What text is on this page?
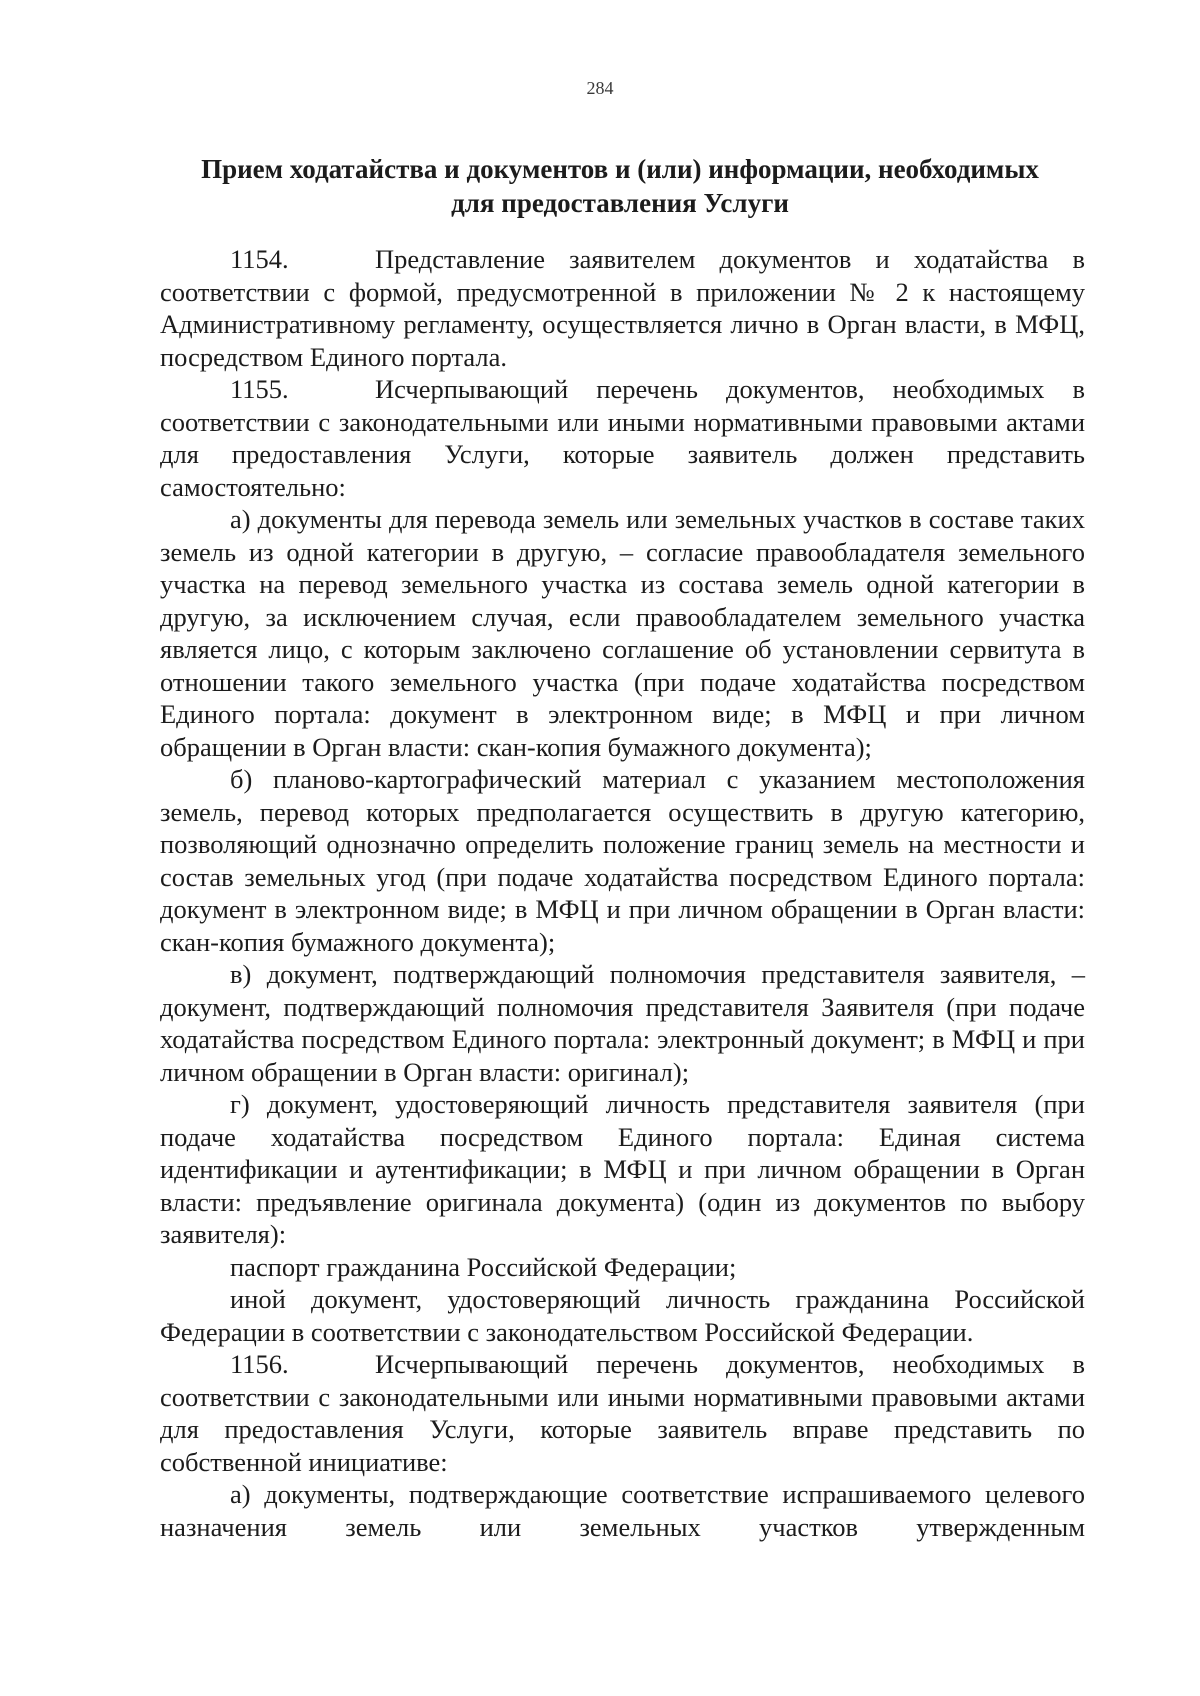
284
Прием ходатайства и документов и (или) информации, необходимых
для предоставления Услуги

1154.	Представление заявителем документов и ходатайства в соответствии с формой, предусмотренной в приложении № 2 к настоящему Административному регламенту, осуществляется лично в Орган власти, в МФЦ, посредством Единого портала.

1155.	Исчерпывающий перечень документов, необходимых в соответствии с законодательными или иными нормативными правовыми актами для предоставления Услуги, которые заявитель должен представить самостоятельно:

а) документы для перевода земель или земельных участков в составе таких земель из одной категории в другую, – согласие правообладателя земельного участка на перевод земельного участка из состава земель одной категории в другую, за исключением случая, если правообладателем земельного участка является лицо, с которым заключено соглашение об установлении сервитута в отношении такого земельного участка (при подаче ходатайства посредством Единого портала: документ в электронном виде; в МФЦ и при личном обращении в Орган власти: скан-копия бумажного документа);

б) планово-картографический материал с указанием местоположения земель, перевод которых предполагается осуществить в другую категорию, позволяющий однозначно определить положение границ земель на местности и состав земельных угод (при подаче ходатайства посредством Единого портала: документ в электронном виде; в МФЦ и при личном обращении в Орган власти: скан-копия бумажного документа);

в) документ, подтверждающий полномочия представителя заявителя, – документ, подтверждающий полномочия представителя Заявителя (при подаче ходатайства посредством Единого портала: электронный документ; в МФЦ и при личном обращении в Орган власти: оригинал);

г) документ, удостоверяющий личность представителя заявителя (при подаче ходатайства посредством Единого портала: Единая система идентификации и аутентификации; в МФЦ и при личном обращении в Орган власти: предъявление оригинала документа) (один из документов по выбору заявителя):

паспорт гражданина Российской Федерации;

иной документ, удостоверяющий личность гражданина Российской Федерации в соответствии с законодательством Российской Федерации.

1156.	Исчерпывающий перечень документов, необходимых в соответствии с законодательными или иными нормативными правовыми актами для предоставления Услуги, которые заявитель вправе представить по собственной инициативе:

а) документы, подтверждающие соответствие испрашиваемого целевого назначения земель или земельных участков утвержденным
